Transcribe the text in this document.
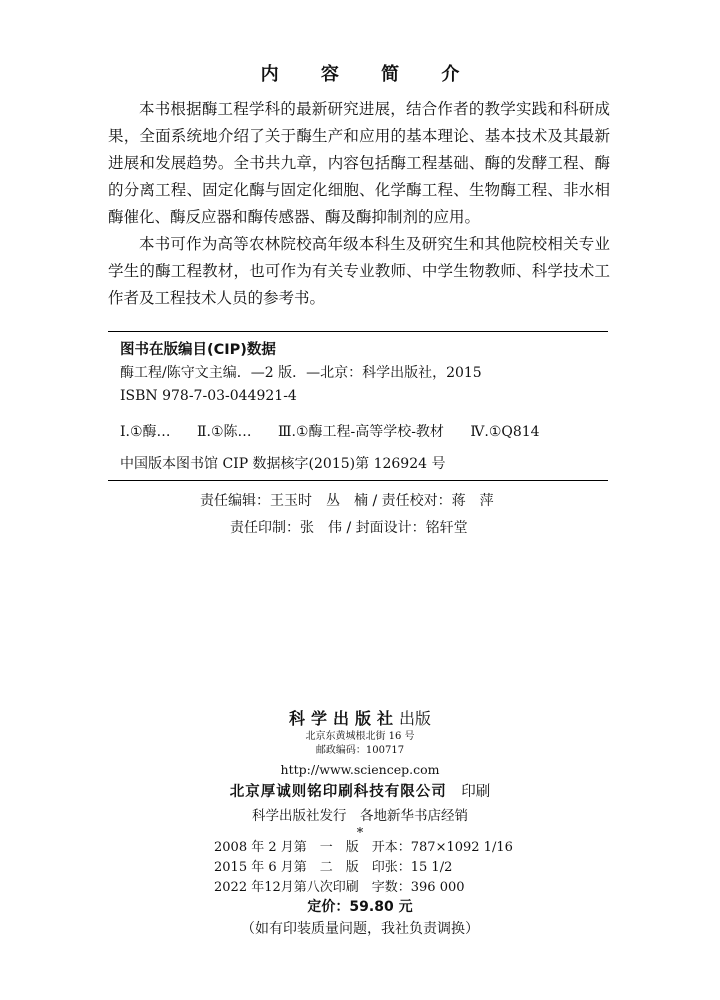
内 容 简 介

本书根据酶工程学科的最新研究进展，结合作者的教学实践和科研成果，全面系统地介绍了关于酶生产和应用的基本理论、基本技术及其最新进展和发展趋势。全书共九章，内容包括酶工程基础、酶的发酵工程、酶的分离工程、固定化酶与固定化细胞、化学酶工程、生物酶工程、非水相酶催化、酶反应器和酶传感器、酶及酶抑制剂的应用。

本书可作为高等农林院校高年级本科生及研究生和其他院校相关专业学生的酶工程教材，也可作为有关专业教师、中学生物教师、科学技术工作者及工程技术人员的参考书。

图书在版编目(CIP)数据
酶工程/陈守文主编．—2 版．—北京：科学出版社，2015
ISBN 978-7-03-044921-4
Ⅰ.①酶… Ⅱ.①陈… Ⅲ.①酶工程-高等学校-教材 Ⅳ.①Q814
中国版本图书馆 CIP 数据核字(2015)第 126924 号
责任编辑：王玉时　丛　楠 / 责任校对：蒋　萍
责任印制：张　伟 / 封面设计：铭轩堂
科学出版社出版
北京东黄城根北街 16 号
邮政编码：100717
http://www.sciencep.com
北京厚诚则铭印刷科技有限公司　 印刷
科学出版社发行　各地新华书店经销
*
2008 年 2 月第　一　版　开本：787×1092 1/16
2015 年 6 月第　二　版　印张：15 1/2
2022 年12月第八次印刷　字数：396 000
定价：59.80 元
（如有印装质量问题，我社负责调换）
